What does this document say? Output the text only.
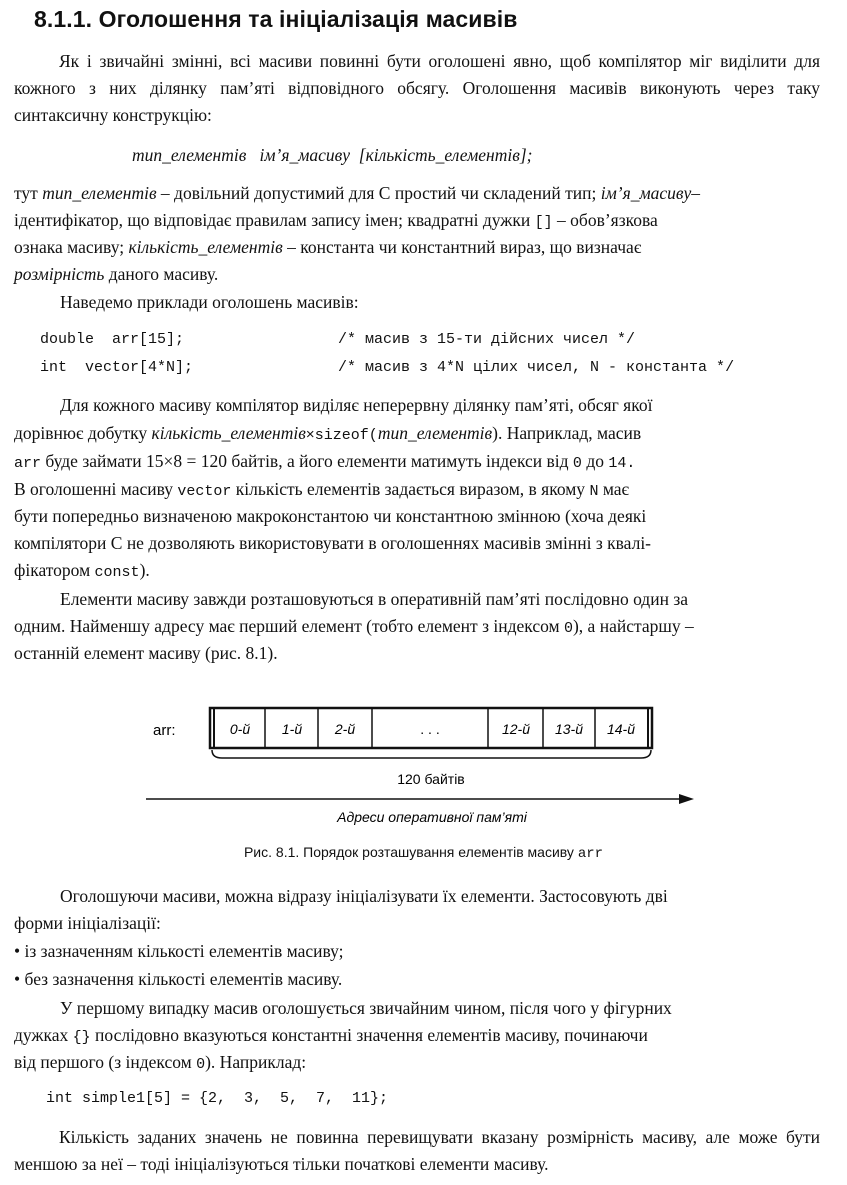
8.1.1. Оголошення та ініціалізація масивів

Як і звичайні змінні, всі масиви повинні бути оголошені явно, щоб компілятор міг виділити для кожного з них ділянку пам’яті відповідного обсягу. Оголошення масивів виконують через таку синтаксичну конструкцію:

тип_елементів ім’я_масиву [кількість_елементів];
тут тип_елементів – довільний допустимий для С простий чи складений тип; ім’я_масиву–
ідентифікатор, що відповідає правилам запису імен; квадратні дужки [] – обов’язкова
ознака масиву; кількість_елементів – константа чи константний вираз, що визначає
розмірність даного масиву.
Наведемо приклади оголошень масивів:
double  arr[15];	/* масив з 15-ти дійсних чисел */
int  vector[4*N];	/* масив з 4*N цілих чисел, N - константа */
Для кожного масиву компілятор виділяє неперервну ділянку пам’яті, обсяг якої
дорівнює добутку кількість_елементів×sizeof(тип_елементів). Наприклад, масив
arr буде займати 15×8 = 120 байтів, а його елементи матимуть індекси від 0 до 14.
В оголошенні масиву vector кількість елементів задається виразом, в якому N має
бути попередньо визначеною макроконстантою чи константною змінною (хоча деякі
компілятори С не дозволяють використовувати в оголошеннях масивів змінні з квалі-
фікатором const).
Елементи масиву завжди розташовуються в оперативній пам’яті послідовно один за
одним. Найменшу адресу має перший елемент (тобто елемент з індексом 0), а найстаршу –
останній елемент масиву (рис. 8.1).
arr:	0-й 1-й 2-й	. . .	12-й 13-й 14-й
120 байтів
Адреси оперативної пам’яті
Рис. 8.1. Порядок розташування елементів масиву arr
Оголошуючи масиви, можна відразу ініціалізувати їх елементи. Застосовують дві
форми ініціалізації:
• із зазначенням кількості елементів масиву;
• без зазначення кількості елементів масиву.
У першому випадку масив оголошується звичайним чином, після чого у фігурних
дужках {} послідовно вказуються константні значення елементів масиву, починаючи
від першого (з індексом 0). Наприклад:
int simple1[5] = {2,  3,  5,  7,  11};

Кількість заданих значень не повинна перевищувати вказану розмірність масиву, але може бути меншою за неї – тоді ініціалізуються тільки початкові елементи масиву.
